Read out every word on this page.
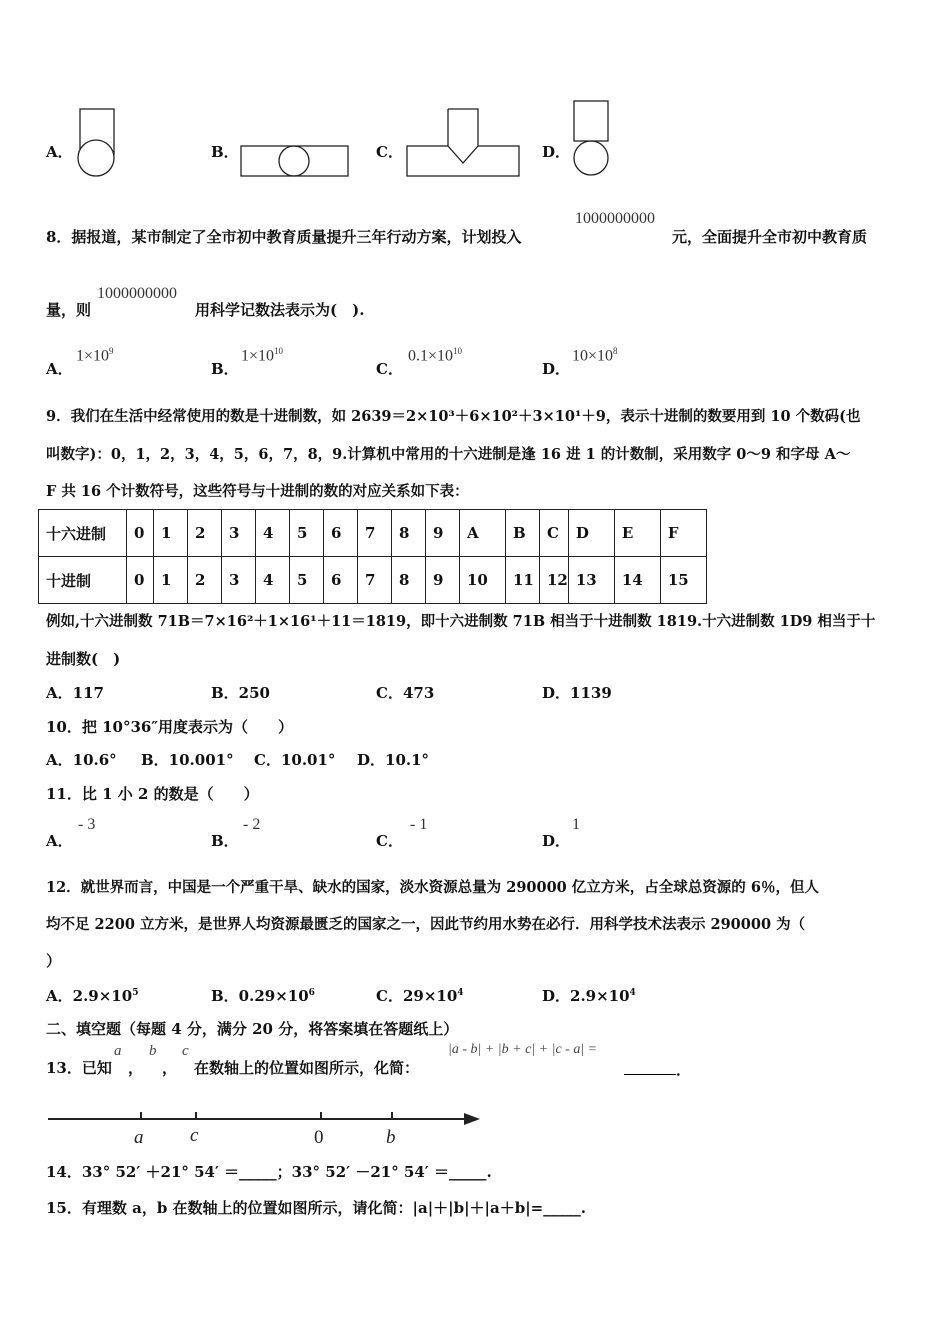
A．	B．	C．	D．
8．据报道，某市制定了全市初中教育质量提升三年行动方案，计划投入
1000000000
元，全面提升全市初中教育质
量，则
1000000000
用科学记数法表示为(　).
A．
$1\times 10^9$
B．
$1\times 10^{10}$
C．
$0.1\times 10^{10}$
D．
$10\times 10^8$
9．我们在生活中经常使用的数是十进制数，如 2639＝2×10³＋6×10²＋3×10¹＋9，表示十进制的数要用到 10 个数码(也
叫数字)：0，1，2，3，4，5，6，7，8，9.计算机中常用的十六进制是逢 16 进 1 的计数制，采用数字 0～9 和字母 A～
F 共 16 个计数符号，这些符号与十进制的数的对应关系如下表：
十六进制	0	1	2	3	4	5	6	7	8	9	A	B	C	D	E	F
十进制	0	1	2	3	4	5	6	7	8	9	10	11	12	13	14	15
例如,十六进制数 71B＝7×16²＋1×16¹＋11＝1819，即十六进制数 71B 相当于十进制数 1819.十六进制数 1D9 相当于十
进制数(　)
A．117	B．250	C．473	D．1139
10．把 10°36″用度表示为（　　）
A．10.6° B．10.001° C．10.01° D．10.1°
11．比 1 小 2 的数是（　　）
A．
- 3
B．
- 2
C．
- 1
D．
1
12．就世界而言，中国是一个严重干旱、缺水的国家，淡水资源总量为 290000 亿立方米，占全球总资源的 6％，但人
均不足 2200 立方米，是世界人均资源最匮乏的国家之一，因此节约用水势在必行．用科学技术法表示 290000 为（
）
A．$2.9\times 10^5$	B．$0.29\times 10^6$	C．$29\times 10^4$	D．$2.9\times 10^4$
二、填空题（每题 4 分，满分 20 分，将答案填在答题纸上）
13．已知
a
，
b
，
c
在数轴上的位置如图所示，化简：
|a - b| + |b + c| + |c - a| =
．
a c	0	b
14．33° 52′ ＋21° 54′ ＝_____；33° 52′ －21° 54′ ＝_____.
15．有理数 a，b 在数轴上的位置如图所示，请化简：|a|＋|b|＋|a＋b|=_____.
